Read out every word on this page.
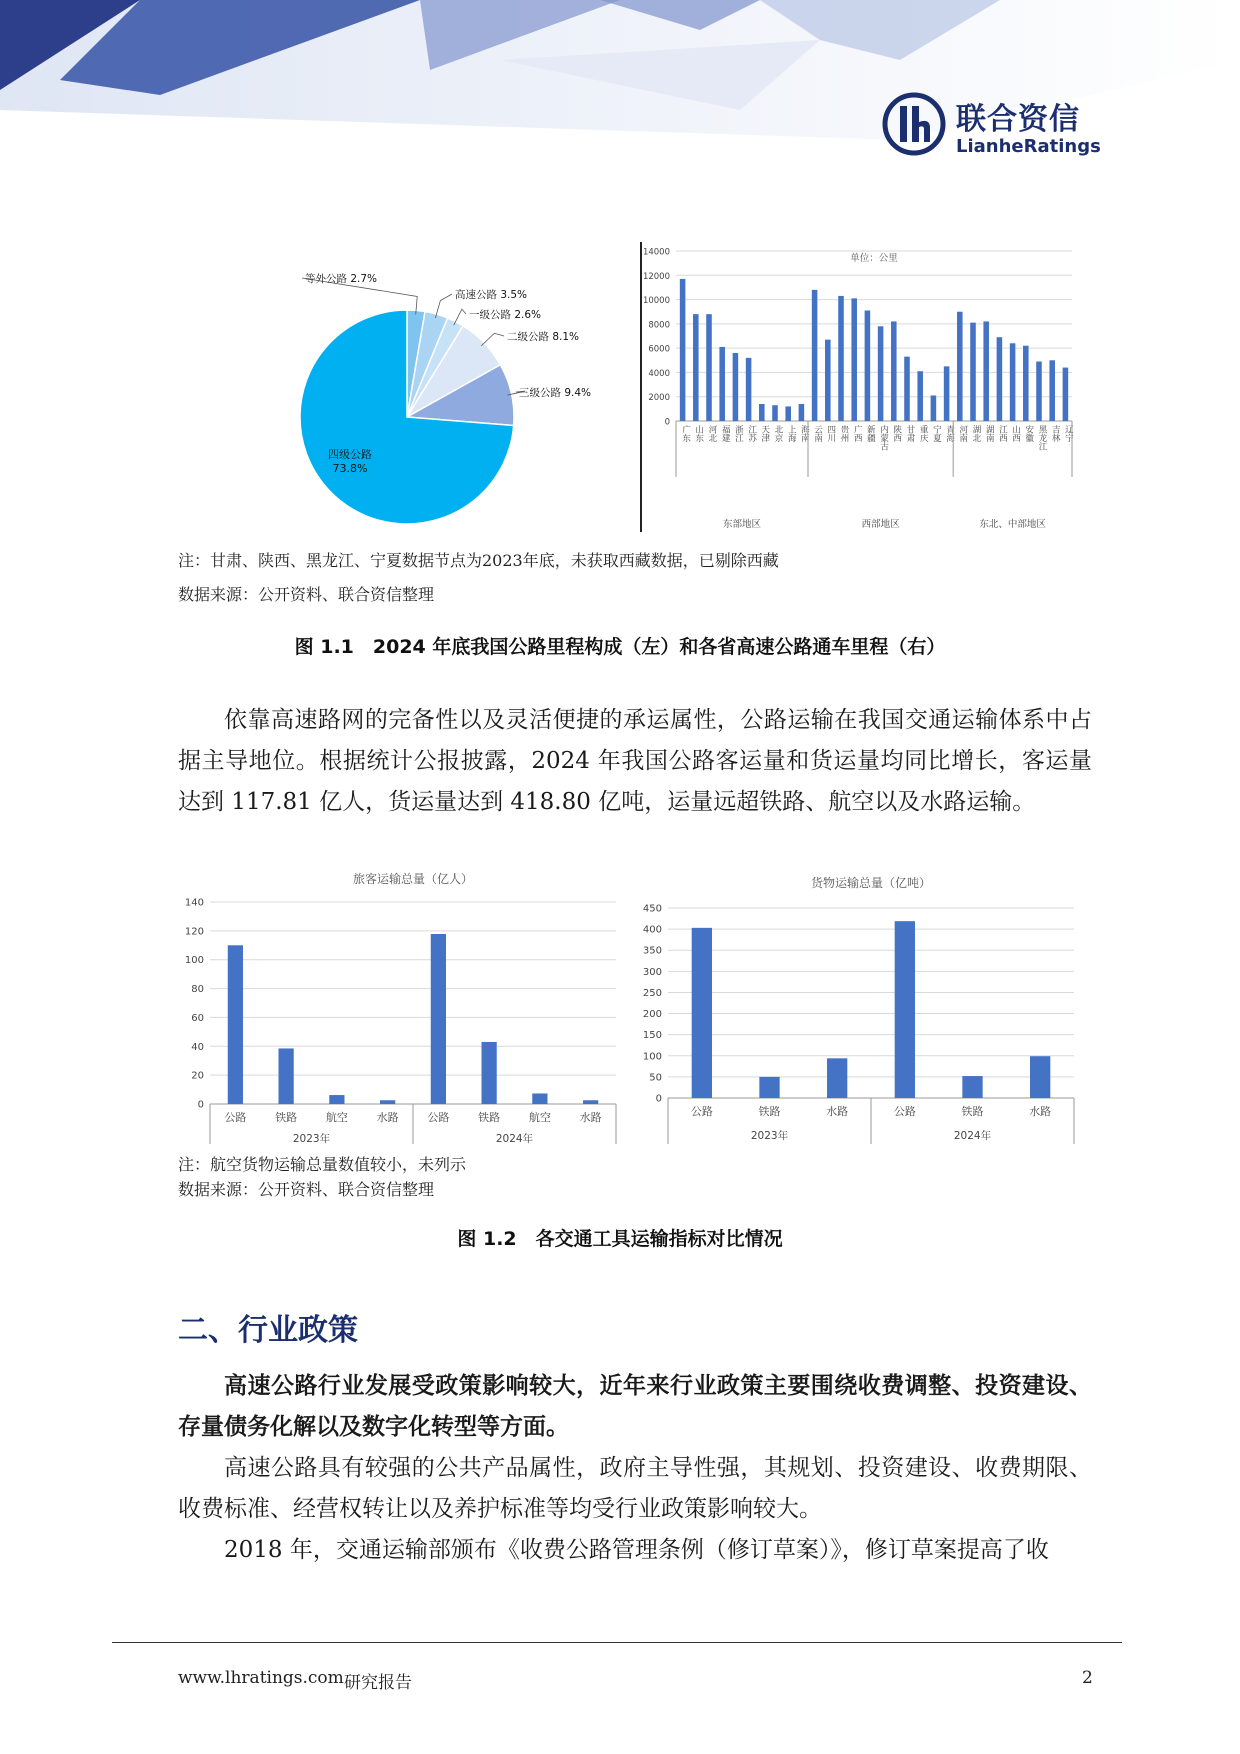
联合资信
LianheRatings
四级公路
73.8%
等外公路 2.7%
高速公路 3.5%
一级公路 2.6%
二级公路 8.1%
三级公路 9.4%
单位：公里
0
2000
4000
6000
8000
10000
12000
14000
广东 山东 河北 福建 浙江 江苏 天津 北京 上海 海南 云南 四川 贵州 广西 新疆 内蒙古 陕西 甘肃 重庆 宁夏 青海 河南 湖北 湖南 江西 山西 安徽 黑龙江 吉林 辽宁
东部地区	西部地区	东北、中部地区
注：甘肃、陕西、黑龙江、宁夏数据节点为2023年底，未获取西藏数据，已剔除西藏
数据来源：公开资料、联合资信整理
图 1.1　2024 年底我国公路里程构成（左）和各省高速公路通车里程（右）

依靠高速路网的完备性以及灵活便捷的承运属性，公路运输在我国交通运输体系中占据主导地位。根据统计公报披露，2024 年我国公路客运量和货运量均同比增长，客运量达到 117.81 亿人，货运量达到 418.80 亿吨，运量远超铁路、航空以及水路运输。

旅客运输总量（亿人）
0
20
40
60
80
100
120
140
公路	铁路	航空	水路	公路	铁路	航空	水路
2023年	2024年
货物运输总量（亿吨）
0
50
100
150
200
250
300
350
400
450
公路	铁路	水路	公路	铁路	水路
2023年	2024年
注：航空货物运输总量数值较小，未列示
数据来源：公开资料、联合资信整理
图 1.2　各交通工具运输指标对比情况
二、行业政策

高速公路行业发展受政策影响较大，近年来行业政策主要围绕收费调整、投资建设、存量债务化解以及数字化转型等方面。

高速公路具有较强的公共产品属性，政府主导性强，其规划、投资建设、收费期限、收费标准、经营权转让以及养护标准等均受行业政策影响较大。

2018 年，交通运输部颁布《收费公路管理条例（修订草案）》，修订草案提高了收

www.lhratings.com 研究报告	2
